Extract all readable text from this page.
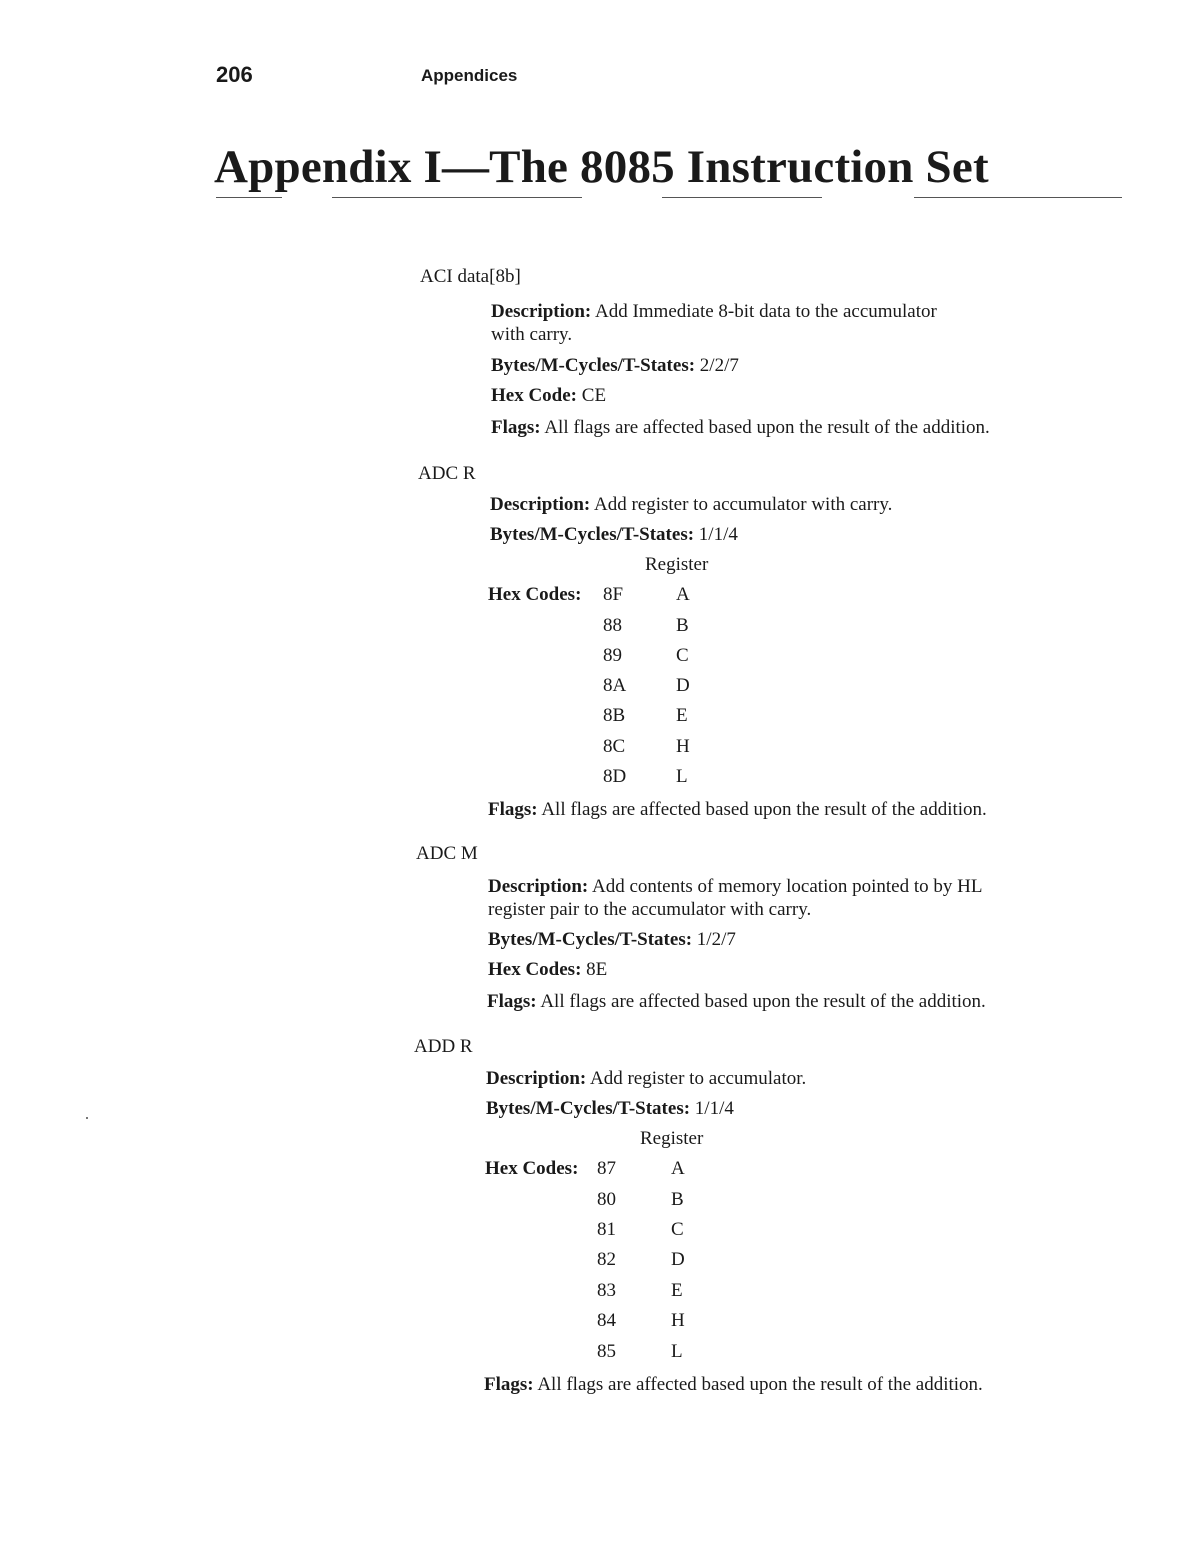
206	Appendices
Appendix I—The 8085 Instruction Set
ACI data[8b]
Description: Add Immediate 8-bit data to the accumulator
with carry.
Bytes/M-Cycles/T-States: 2/2/7
Hex Code: CE
Flags: All flags are affected based upon the result of the addition.
ADC R
Description: Add register to accumulator with carry.
Bytes/M-Cycles/T-States: 1/1/4
Register
Hex Codes: 8F	A
88	B
89	C
8A	D
8B	E
8C	H
8D	L
Flags: All flags are affected based upon the result of the addition.
ADC M
Description: Add contents of memory location pointed to by HL
register pair to the accumulator with carry.
Bytes/M-Cycles/T-States: 1/2/7
Hex Codes: 8E
Flags: All flags are affected based upon the result of the addition.
ADD R
Description: Add register to accumulator.
Bytes/M-Cycles/T-States: 1/1/4
Register
Hex Codes: 87	A
80	B
81	C
82	D
83	E
84	H
85	L
Flags: All flags are affected based upon the result of the addition.
